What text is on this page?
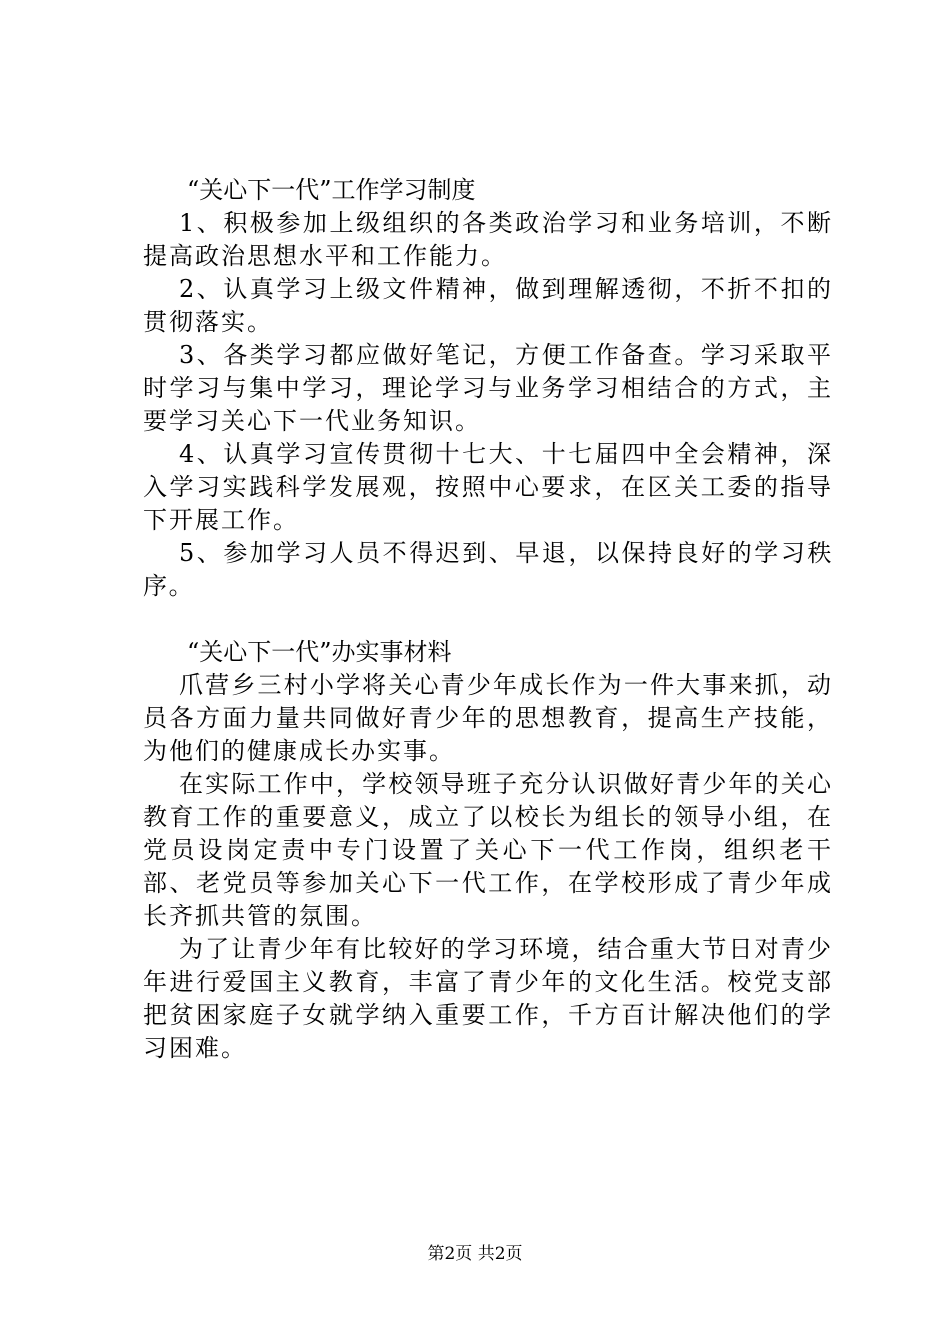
“关心下一代”工作学习制度

1、积极参加上级组织的各类政治学习和业务培训，不断提高政治思想水平和工作能力。

2、认真学习上级文件精神，做到理解透彻，不折不扣的贯彻落实。

3、各类学习都应做好笔记，方便工作备查。学习采取平时学习与集中学习，理论学习与业务学习相结合的方式，主要学习关心下一代业务知识。

4、认真学习宣传贯彻十七大、十七届四中全会精神，深入学习实践科学发展观，按照中心要求，在区关工委的指导下开展工作。

5、参加学习人员不得迟到、早退，以保持良好的学习秩序。

“关心下一代”办实事材料

爪营乡三村小学将关心青少年成长作为一件大事来抓，动员各方面力量共同做好青少年的思想教育，提高生产技能，为他们的健康成长办实事。

在实际工作中，学校领导班子充分认识做好青少年的关心教育工作的重要意义，成立了以校长为组长的领导小组，在党员设岗定责中专门设置了关心下一代工作岗，组织老干部、老党员等参加关心下一代工作，在学校形成了青少年成长齐抓共管的氛围。

为了让青少年有比较好的学习环境，结合重大节日对青少年进行爱国主义教育，丰富了青少年的文化生活。校党支部把贫困家庭子女就学纳入重要工作，千方百计解决他们的学习困难。

第2页 共2页
